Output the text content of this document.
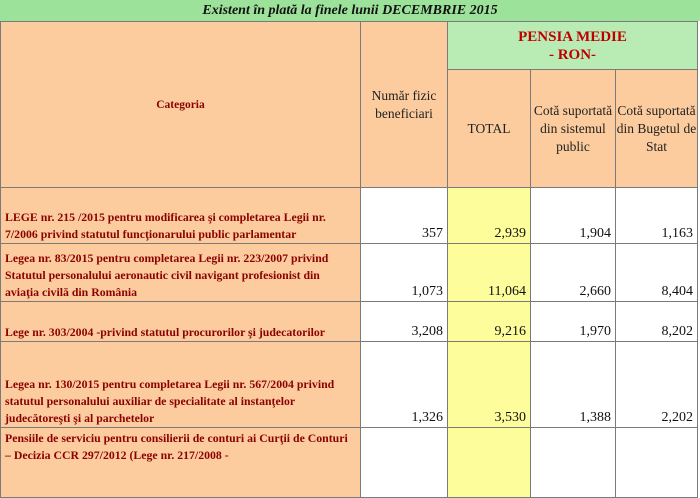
Existent în plată la finele lunii DECEMBRIE 2015
Categoria	Număr fizic beneficiari	PENSIA MEDIE
- RON-		

		TOTAL	Cotă suportată din sistemul public	Cotă suportată din Bugetul de Stat
LEGE nr. 215 /2015 pentru modificarea şi completarea Legii nr. 7/2006 privind statutul funcţionarului public parlamentar	357	2,939	1,904	1,163
Legea nr. 83/2015 pentru completarea Legii nr. 223/2007 privind Statutul personalului aeronautic civil navigant profesionist din aviaţia civilă din România	1,073	11,064	2,660	8,404
Lege nr. 303/2004 -privind statutul procurorilor şi judecatorilor	3,208	9,216	1,970	8,202
Legea nr. 130/2015 pentru completarea Legii nr. 567/2004 privind statutul personalului auxiliar de specialitate al instanţelor judecătoreşti şi al parchetelor	1,326	3,530	1,388	2,202
Pensiile de serviciu pentru consilierii de conturi ai Curţii de Conturi – Decizia CCR 297/2012 (Lege nr. 217/2008 -				
